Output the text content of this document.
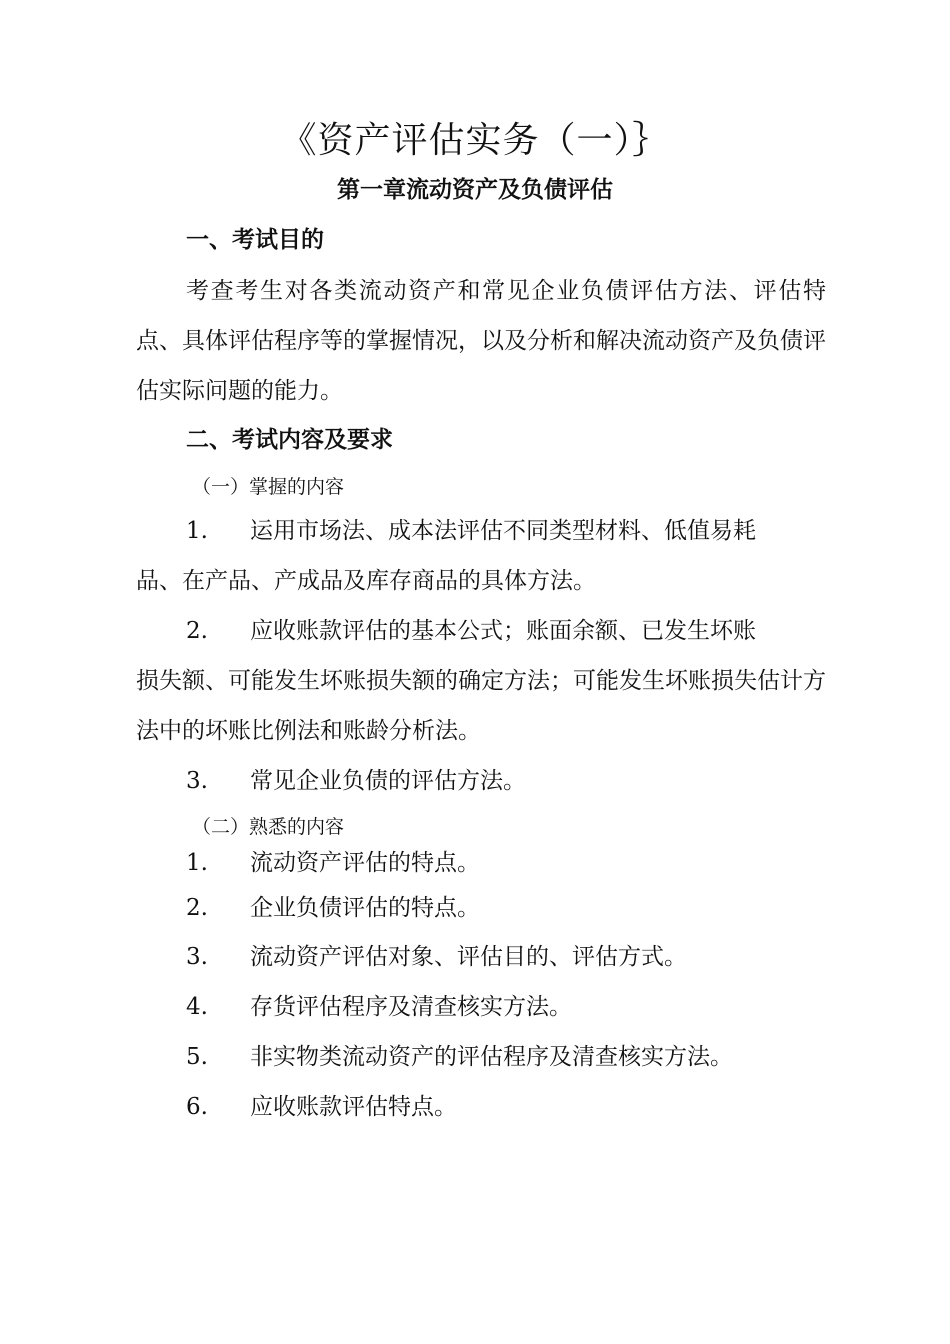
《资产评估实务（一）｝
第一章流动资产及负债评估
一、考试目的

考查考生对各类流动资产和常见企业负债评估方法、评估特点、具体评估程序等的掌握情况，以及分析和解决流动资产及负债评估实际问题的能力。

二、考试内容及要求
（一）掌握的内容
1.	运用市场法、成本法评估不同类型材料、低值易耗
品、在产品、产成品及库存商品的具体方法。
2.	应收账款评估的基本公式；账面余额、已发生坏账
损失额、可能发生坏账损失额的确定方法；可能发生坏账损失估计方法中的坏账比例法和账龄分析法。
3. 常见企业负债的评估方法。
（二）熟悉的内容
1. 流动资产评估的特点。
2. 企业负债评估的特点。
3. 流动资产评估对象、评估目的、评估方式。
4. 存货评估程序及清查核实方法。
5. 非实物类流动资产的评估程序及清查核实方法。
6. 应收账款评估特点。
